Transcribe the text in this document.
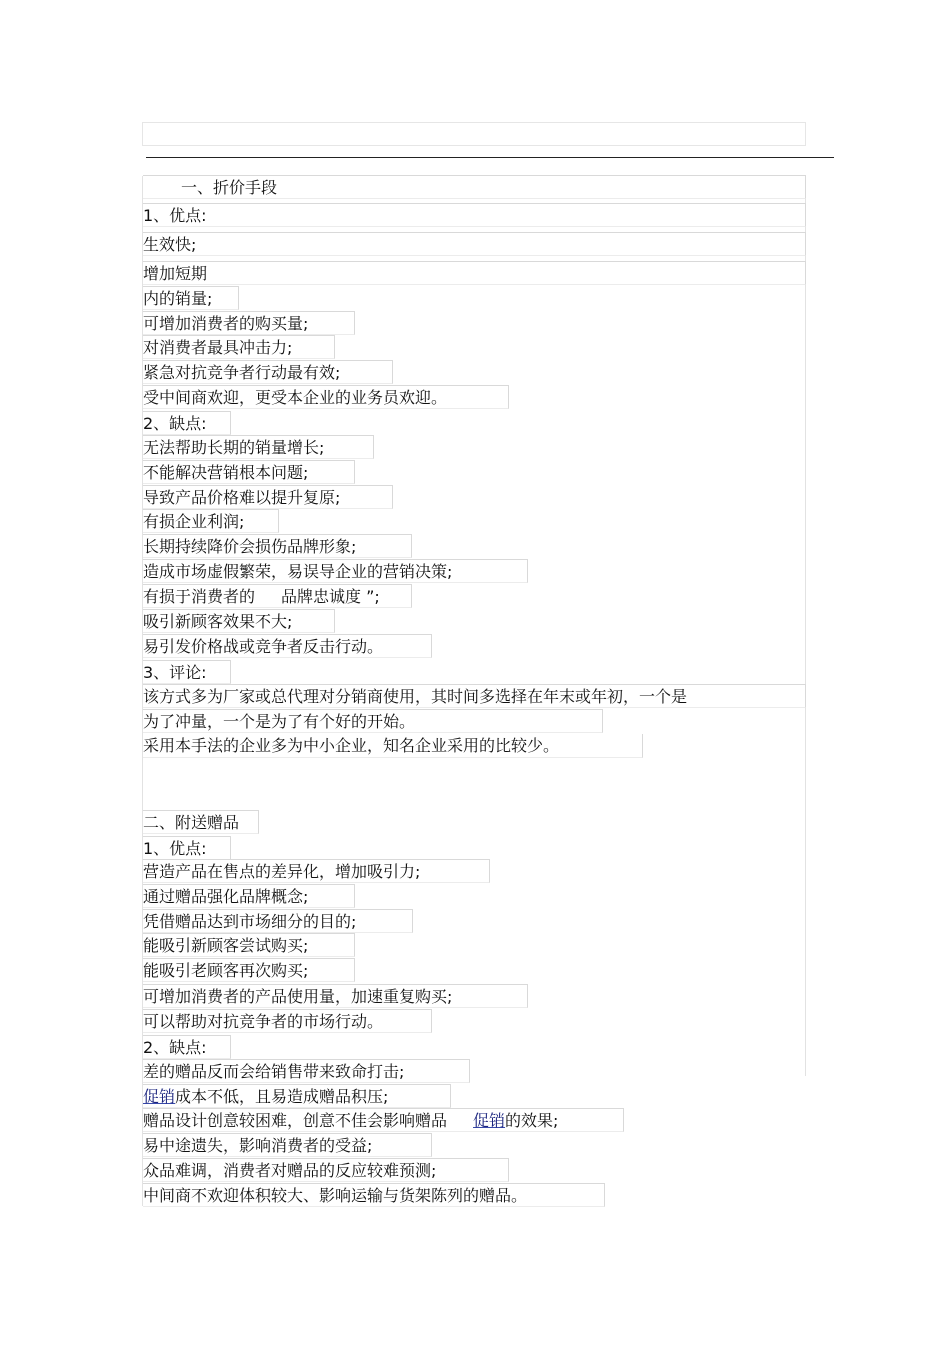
一、折价手段
1、优点:
生效快;
增加短期
内的销量;
可增加消费者的购买量;
对消费者最具冲击力;
紧急对抗竞争者行动最有效;
受中间商欢迎，更受本企业的业务员欢迎。
2、缺点:
无法帮助长期的销量增长;
不能解决营销根本问题;
导致产品价格难以提升复原;
有损企业利润;
长期持续降价会损伤品牌形象;
造成市场虚假繁荣，易误导企业的营销决策;
有损于消费者的 品牌忠诚度 ”;
吸引新顾客效果不大;
易引发价格战或竞争者反击行动。
3、评论:
该方式多为厂家或总代理对分销商使用，其时间多选择在年末或年初，一个是
为了冲量，一个是为了有个好的开始。
采用本手法的企业多为中小企业，知名企业采用的比较少。
二、附送赠品
1、优点:
营造产品在售点的差异化，增加吸引力;
通过赠品强化品牌概念;
凭借赠品达到市场细分的目的;
能吸引新顾客尝试购买;
能吸引老顾客再次购买;
可增加消费者的产品使用量，加速重复购买;
可以帮助对抗竞争者的市场行动。
2、缺点:
差的赠品反而会给销售带来致命打击;
促销成本不低，且易造成赠品积压;
赠品设计创意较困难，创意不佳会影响赠品 促销的效果;
易中途遗失，影响消费者的受益;
众品难调，消费者对赠品的反应较难预测;
中间商不欢迎体积较大、影响运输与货架陈列的赠品。
